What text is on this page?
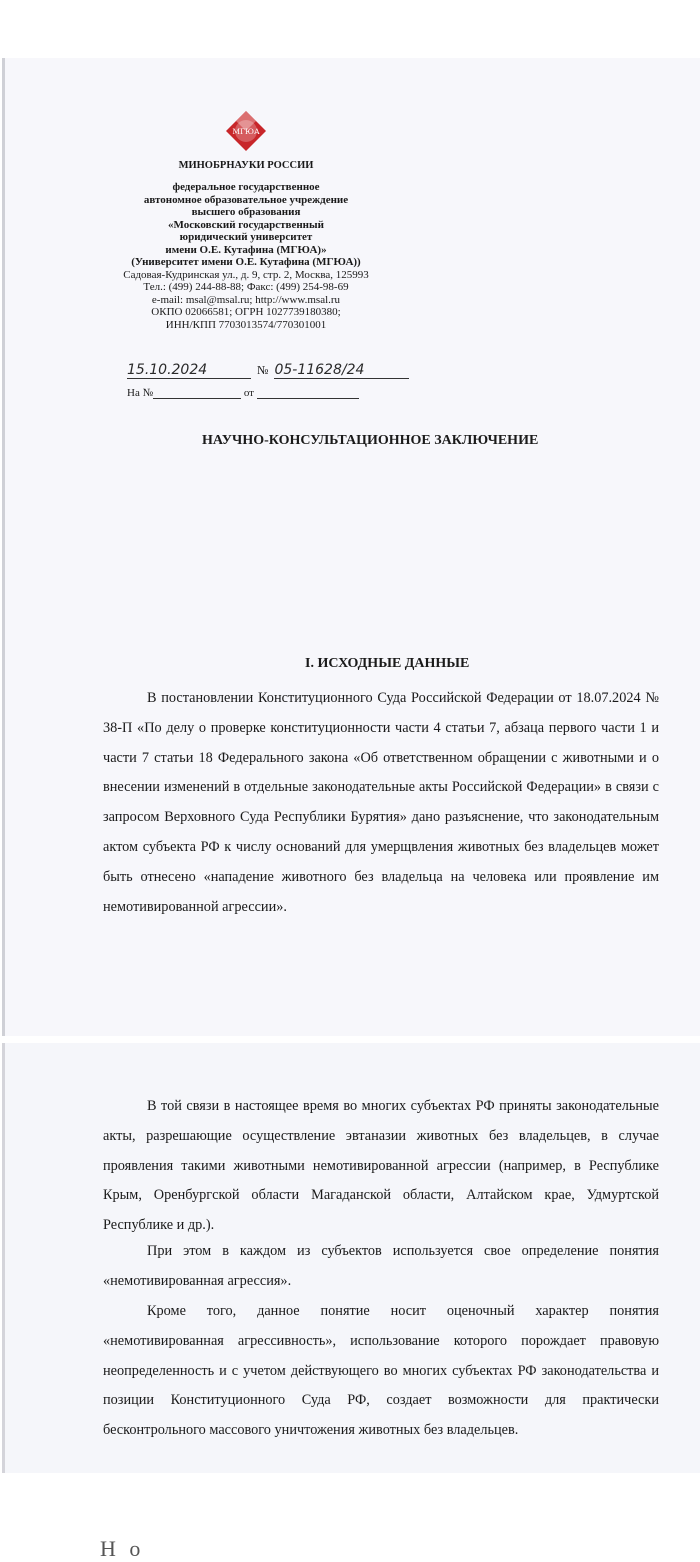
МГЮА
МИНОБРНАУКИ РОССИИ
федеральное государственное
автономное образовательное учреждение
высшего образования
«Московский государственный
юридический университет
имени О.Е. Кутафина (МГЮА)»
(Университет имени О.Е. Кутафина (МГЮА))
Садовая-Кудринская ул., д. 9, стр. 2, Москва, 125993
Тел.: (499) 244-88-88; Факс: (499) 254-98-69
e-mail: msal@msal.ru; http://www.msal.ru
ОКПО 02066581; ОГРН 1027739180380;
ИНН/КПП 7703013574/770301001
15.10.2024	№ 05-11628/24
На №	от
НАУЧНО-КОНСУЛЬТАЦИОННОЕ ЗАКЛЮЧЕНИЕ
I. ИСХОДНЫЕ ДАННЫЕ

В постановлении Конституционного Суда Российской Федерации от 18.07.2024 № 38-П «По делу о проверке конституционности части 4 статьи 7, абзаца первого части 1 и части 7 статьи 18 Федерального закона «Об ответственном обращении с животными и о внесении изменений в отдельные законодательные акты Российской Федерации» в связи с запросом Верховного Суда Республики Бурятия» дано разъяснение, что законодательным актом субъекта РФ к числу оснований для умерщвления животных без владельцев может быть отнесено «нападение животного без владельца на человека или проявление им немотивированной агрессии».

В той связи в настоящее время во многих субъектах РФ приняты законодательные акты, разрешающие осуществление эвтаназии животных без владельцев, в случае проявления такими животными немотивированной агрессии (например, в Республике Крым, Оренбургской области Магаданской области, Алтайском крае, Удмуртской Республике и др.).

При этом в каждом из субъектов используется свое определение понятия «немотивированная агрессия».

Кроме того, данное понятие носит оценочный характер понятия «немотивированная агрессивность», использование которого порождает правовую неопределенность и с учетом действующего во многих субъектах РФ законодательства и позиции Конституционного Суда РФ, создает возможности для практически бесконтрольного массового уничтожения животных без владельцев.

Н о
